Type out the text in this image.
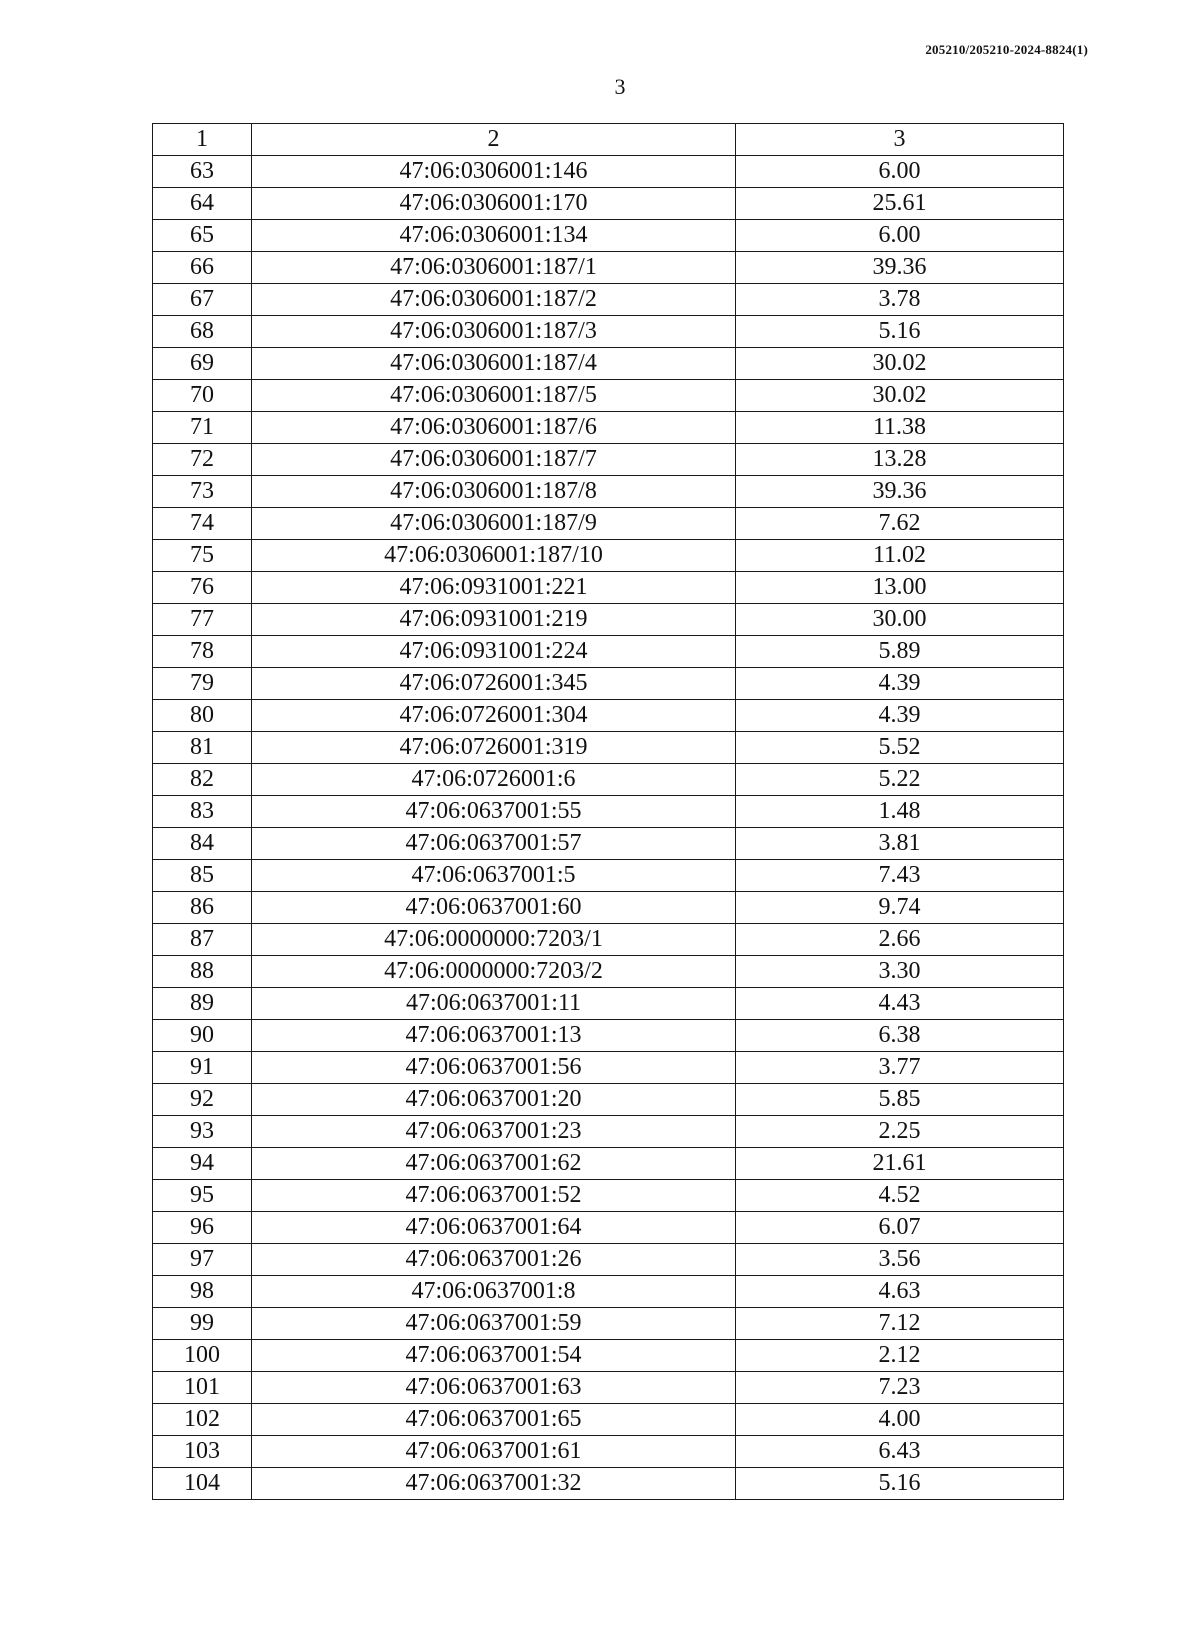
205210/205210-2024-8824(1)
3
1	2	3
63	47:06:0306001:146	6.00
64	47:06:0306001:170	25.61
65	47:06:0306001:134	6.00
66	47:06:0306001:187/1	39.36
67	47:06:0306001:187/2	3.78
68	47:06:0306001:187/3	5.16
69	47:06:0306001:187/4	30.02
70	47:06:0306001:187/5	30.02
71	47:06:0306001:187/6	11.38
72	47:06:0306001:187/7	13.28
73	47:06:0306001:187/8	39.36
74	47:06:0306001:187/9	7.62
75	47:06:0306001:187/10	11.02
76	47:06:0931001:221	13.00
77	47:06:0931001:219	30.00
78	47:06:0931001:224	5.89
79	47:06:0726001:345	4.39
80	47:06:0726001:304	4.39
81	47:06:0726001:319	5.52
82	47:06:0726001:6	5.22
83	47:06:0637001:55	1.48
84	47:06:0637001:57	3.81
85	47:06:0637001:5	7.43
86	47:06:0637001:60	9.74
87	47:06:0000000:7203/1	2.66
88	47:06:0000000:7203/2	3.30
89	47:06:0637001:11	4.43
90	47:06:0637001:13	6.38
91	47:06:0637001:56	3.77
92	47:06:0637001:20	5.85
93	47:06:0637001:23	2.25
94	47:06:0637001:62	21.61
95	47:06:0637001:52	4.52
96	47:06:0637001:64	6.07
97	47:06:0637001:26	3.56
98	47:06:0637001:8	4.63
99	47:06:0637001:59	7.12
100	47:06:0637001:54	2.12
101	47:06:0637001:63	7.23
102	47:06:0637001:65	4.00
103	47:06:0637001:61	6.43
104	47:06:0637001:32	5.16
